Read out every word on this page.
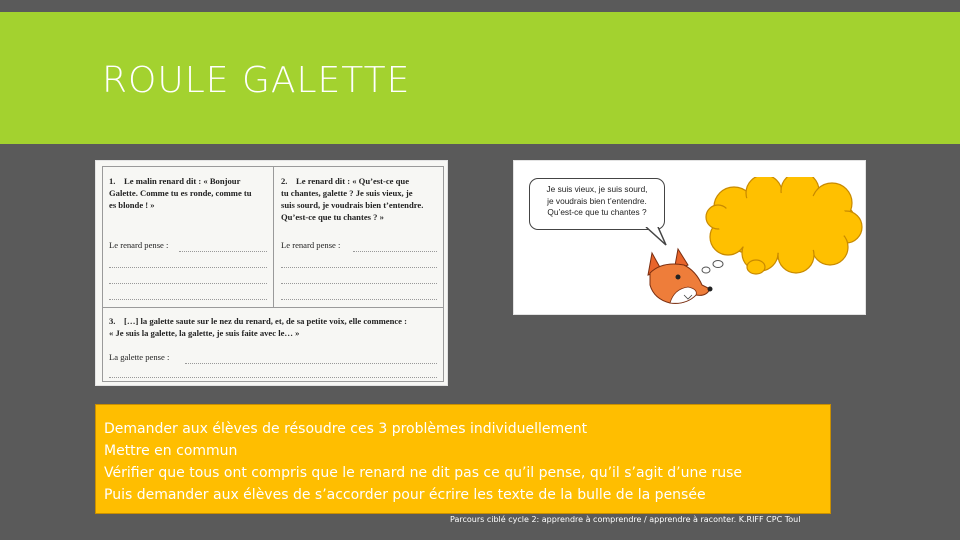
ROULE GALETTE
1.    Le malin renard dit : « Bonjour
Galette. Comme tu es ronde, comme tu
es blonde ! »
Le renard pense :
2.    Le renard dit : « Qu’est-ce que
tu chantes, galette ? Je suis vieux, je
suis sourd, je voudrais bien t’entendre.
Qu’est-ce que tu chantes ? »
Le renard pense :
3.    […] la galette saute sur le nez du renard, et, de sa petite voix, elle commence :
« Je suis la galette, la galette, je suis faite avec le… »
La galette pense :
Je suis vieux, je suis sourd,
je voudrais bien t’entendre.
Qu’est-ce que tu chantes ?
Demander aux élèves de résoudre ces 3 problèmes individuellement
Mettre en commun
Vérifier que tous ont compris que le renard ne dit pas ce qu’il pense, qu’il s’agit d’une ruse
Puis demander aux élèves de s’accorder pour écrire les texte de la bulle de la pensée
Parcours ciblé cycle 2: apprendre à comprendre / apprendre à raconter. K.RIFF CPC Toul
